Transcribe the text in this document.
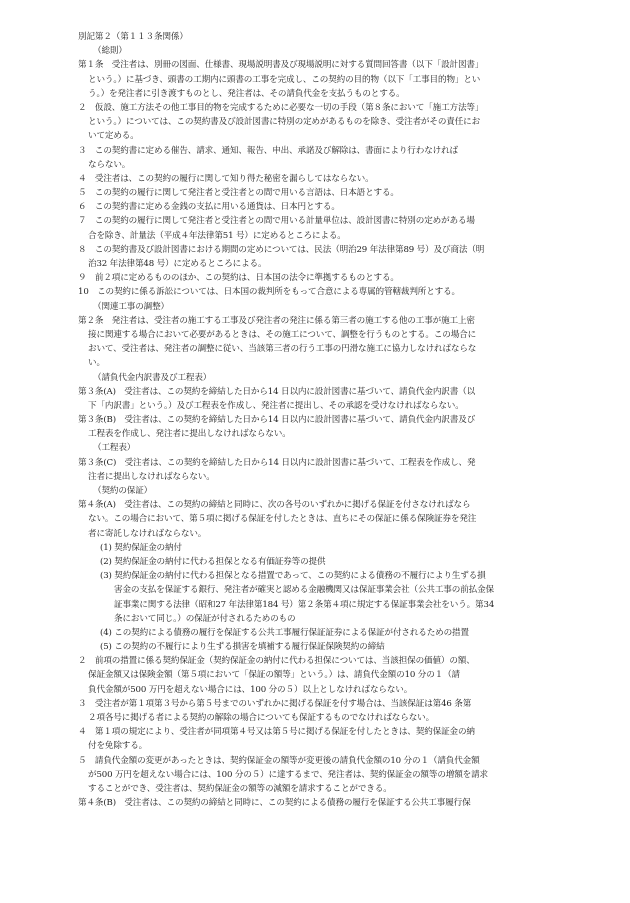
別記第２（第１１３条関係）
（総則）
第１条　受注者は、別冊の図面、仕様書、現場説明書及び現場説明に対する質問回答書（以下「設計図書」
という。）に基づき、頭書の工期内に頭書の工事を完成し、この契約の目的物（以下「工事目的物」とい
う。）を発注者に引き渡すものとし、発注者は、その請負代金を支払うものとする。
２　仮設、施工方法その他工事目的物を完成するために必要な一切の手段（第８条において「施工方法等」
という。）については、この契約書及び設計図書に特別の定めがあるものを除き、受注者がその責任にお
いて定める。
３　この契約書に定める催告、請求、通知、報告、申出、承諾及び解除は、書面により行わなければ
ならない。
４　受注者は、この契約の履行に関して知り得た秘密を漏らしてはならない。
５　この契約の履行に関して発注者と受注者との間で用いる言語は、日本語とする。
６　この契約書に定める金銭の支払に用いる通貨は、日本円とする。
７　この契約の履行に関して発注者と受注者との間で用いる計量単位は、設計図書に特別の定めがある場
合を除き、計量法（平成４年法律第51 号）に定めるところによる。
８　この契約書及び設計図書における期間の定めについては、民法（明治29 年法律第89 号）及び商法（明
治32 年法律第48 号）に定めるところによる。
９　前２項に定めるもののほか、この契約は、日本国の法令に準拠するものとする。
10　この契約に係る訴訟については、日本国の裁判所をもって合意による専属的管轄裁判所とする。
（関連工事の調整）
第２条　発注者は、受注者の施工する工事及び発注者の発注に係る第三者の施工する他の工事が施工上密
接に関連する場合において必要があるときは、その施工について、調整を行うものとする。この場合に
おいて、受注者は、発注者の調整に従い、当該第三者の行う工事の円滑な施工に協力しなければならな
い。
（請負代金内訳書及び工程表）
第３条(A)　受注者は、この契約を締結した日から14 日以内に設計図書に基づいて、請負代金内訳書（以
下「内訳書」という。）及び工程表を作成し、発注者に提出し、その承認を受けなければならない。
第３条(B)　受注者は、この契約を締結した日から14 日以内に設計図書に基づいて、請負代金内訳書及び
工程表を作成し、発注者に提出しなければならない。
（工程表）
第３条(C)　受注者は、この契約を締結した日から14 日以内に設計図書に基づいて、工程表を作成し、発
注者に提出しなければならない。
（契約の保証）
第４条(A)　受注者は、この契約の締結と同時に、次の各号のいずれかに掲げる保証を付さなければなら
ない。この場合において、第５項に掲げる保証を付したときは、直ちにその保証に係る保険証券を発注
者に寄託しなければならない。
(1) 契約保証金の納付
(2) 契約保証金の納付に代わる担保となる有価証券等の提供
(3) 契約保証金の納付に代わる担保となる措置であって、この契約による債務の不履行により生ずる損
害金の支払を保証する銀行、発注者が確実と認める金融機関又は保証事業会社（公共工事の前払金保
証事業に関する法律（昭和27 年法律第184 号）第２条第４項に規定する保証事業会社をいう。第34
条において同じ。）の保証が付されるためのもの
(4) この契約による債務の履行を保証する公共工事履行保証証券による保証が付されるための措置
(5) この契約の不履行により生ずる損害を填補する履行保証保険契約の締結
２　前項の措置に係る契約保証金（契約保証金の納付に代わる担保については、当該担保の価値）の額、
保証金額又は保険金額（第５項において「保証の額等」という。）は、請負代金額の10 分の１（請
負代金額が500 万円を超えない場合には、100 分の５）以上としなければならない。
３　受注者が第１項第３号から第５号までのいずれかに掲げる保証を付す場合は、当該保証は第46 条第
２項各号に掲げる者による契約の解除の場合についても保証するものでなければならない。
４　第１項の規定により、受注者が同項第４号又は第５号に掲げる保証を付したときは、契約保証金の納
付を免除する。
５　請負代金額の変更があったときは、契約保証金の額等が変更後の請負代金額の10 分の１（請負代金額
が500 万円を超えない場合には、100 分の５）に達するまで、発注者は、契約保証金の額等の増額を請求
することができ、受注者は、契約保証金の額等の減額を請求することができる。
第４条(B)　受注者は、この契約の締結と同時に、この契約による債務の履行を保証する公共工事履行保
